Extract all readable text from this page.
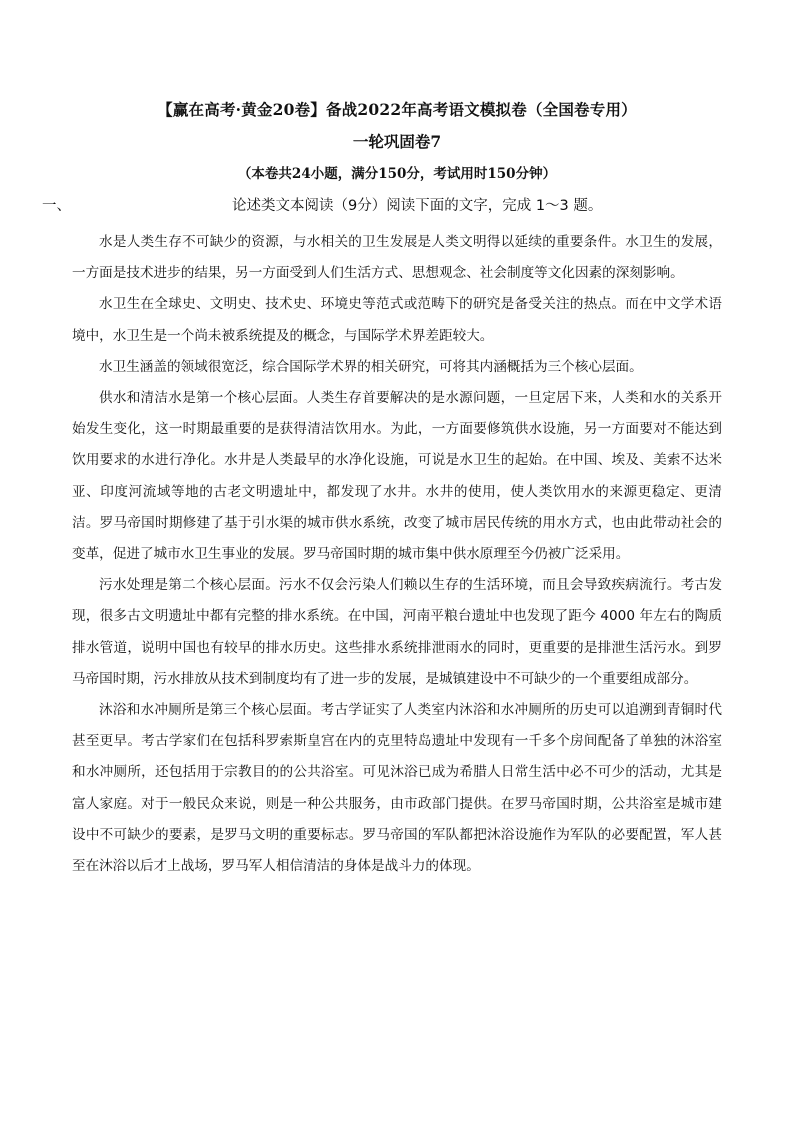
【赢在高考·黄金20卷】备战2022年高考语文模拟卷（全国卷专用）
一轮巩固卷7
（本卷共24小题，满分150分，考试用时150分钟）
一、	论述类文本阅读（9分）阅读下面的文字，完成 1～3 题。

水是人类生存不可缺少的资源，与水相关的卫生发展是人类文明得以延续的重要条件。水卫生的发展，一方面是技术进步的结果，另一方面受到人们生活方式、思想观念、社会制度等文化因素的深刻影响。

水卫生在全球史、文明史、技术史、环境史等范式或范畴下的研究是备受关注的热点。而在中文学术语境中，水卫生是一个尚未被系统提及的概念，与国际学术界差距较大。

水卫生涵盖的领域很宽泛，综合国际学术界的相关研究，可将其内涵概括为三个核心层面。

供水和清洁水是第一个核心层面。人类生存首要解决的是水源问题，一旦定居下来，人类和水的关系开始发生变化，这一时期最重要的是获得清洁饮用水。为此，一方面要修筑供水设施，另一方面要对不能达到饮用要求的水进行净化。水井是人类最早的水净化设施，可说是水卫生的起始。在中国、埃及、美索不达米亚、印度河流域等地的古老文明遗址中，都发现了水井。水井的使用，使人类饮用水的来源更稳定、更清洁。罗马帝国时期修建了基于引水渠的城市供水系统，改变了城市居民传统的用水方式，也由此带动社会的变革，促进了城市水卫生事业的发展。罗马帝国时期的城市集中供水原理至今仍被广泛采用。

污水处理是第二个核心层面。污水不仅会污染人们赖以生存的生活环境，而且会导致疾病流行。考古发现，很多古文明遗址中都有完整的排水系统。在中国，河南平粮台遗址中也发现了距今 4000 年左右的陶质排水管道，说明中国也有较早的排水历史。这些排水系统排泄雨水的同时，更重要的是排泄生活污水。到罗马帝国时期，污水排放从技术到制度均有了进一步的发展，是城镇建设中不可缺少的一个重要组成部分。

沐浴和水冲厕所是第三个核心层面。考古学证实了人类室内沐浴和水冲厕所的历史可以追溯到青铜时代甚至更早。考古学家们在包括科罗索斯皇宫在内的克里特岛遗址中发现有一千多个房间配备了单独的沐浴室和水冲厕所，还包括用于宗教目的的公共浴室。可见沐浴已成为希腊人日常生活中必不可少的活动，尤其是富人家庭。对于一般民众来说，则是一种公共服务，由市政部门提供。在罗马帝国时期，公共浴室是城市建设中不可缺少的要素，是罗马文明的重要标志。罗马帝国的军队都把沐浴设施作为军队的必要配置，军人甚至在沐浴以后才上战场，罗马军人相信清洁的身体是战斗力的体现。
